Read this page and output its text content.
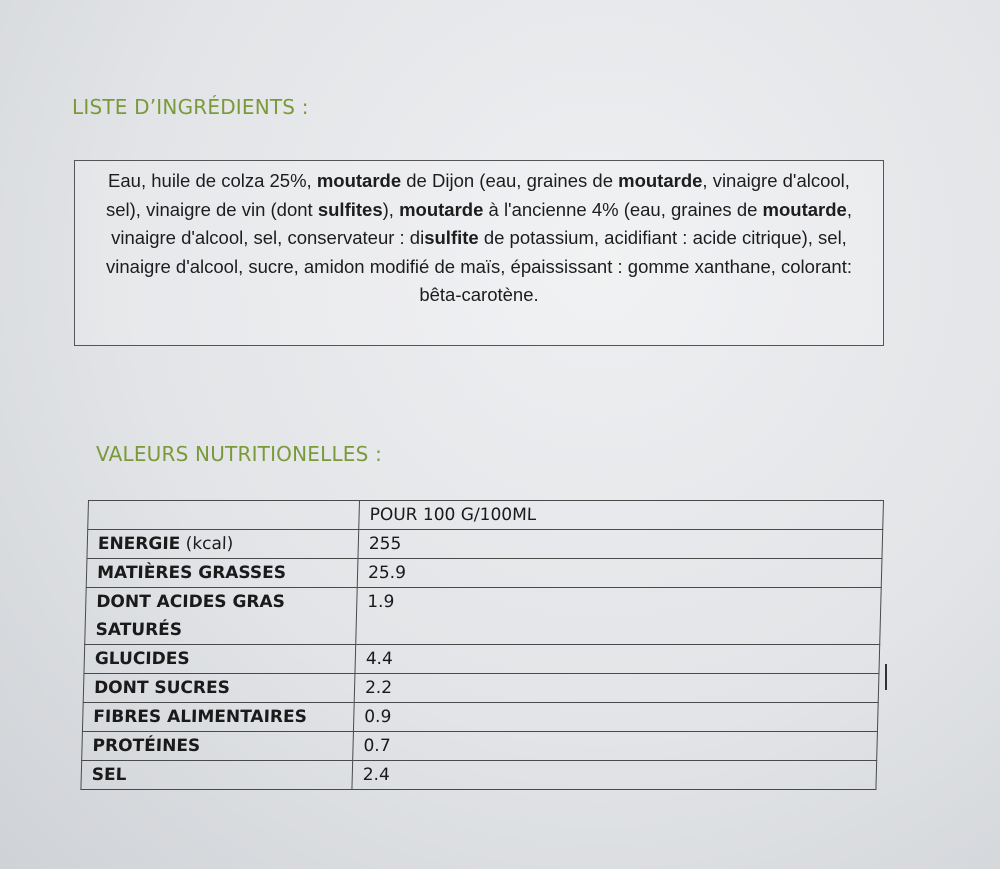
LISTE D’INGRÉDIENTS :
Eau, huile de colza 25%, moutarde de Dijon (eau, graines de moutarde, vinaigre d'alcool, sel), vinaigre de vin (dont sulfites), moutarde à l'ancienne 4% (eau, graines de moutarde, vinaigre d'alcool, sel, conservateur : disulfite de potassium, acidifiant : acide citrique), sel, vinaigre d'alcool, sucre, amidon modifié de maïs, épaississant : gomme xanthane, colorant: bêta-carotène.
VALEURS NUTRITIONELLES :
	POUR 100 G/100ML
ENERGIE (kcal)	255
MATIÈRES GRASSES	25.9
DONT ACIDES GRAS SATURÉS	1.9
GLUCIDES	4.4
DONT SUCRES	2.2
FIBRES ALIMENTAIRES	0.9
PROTÉINES	0.7
SEL	2.4
